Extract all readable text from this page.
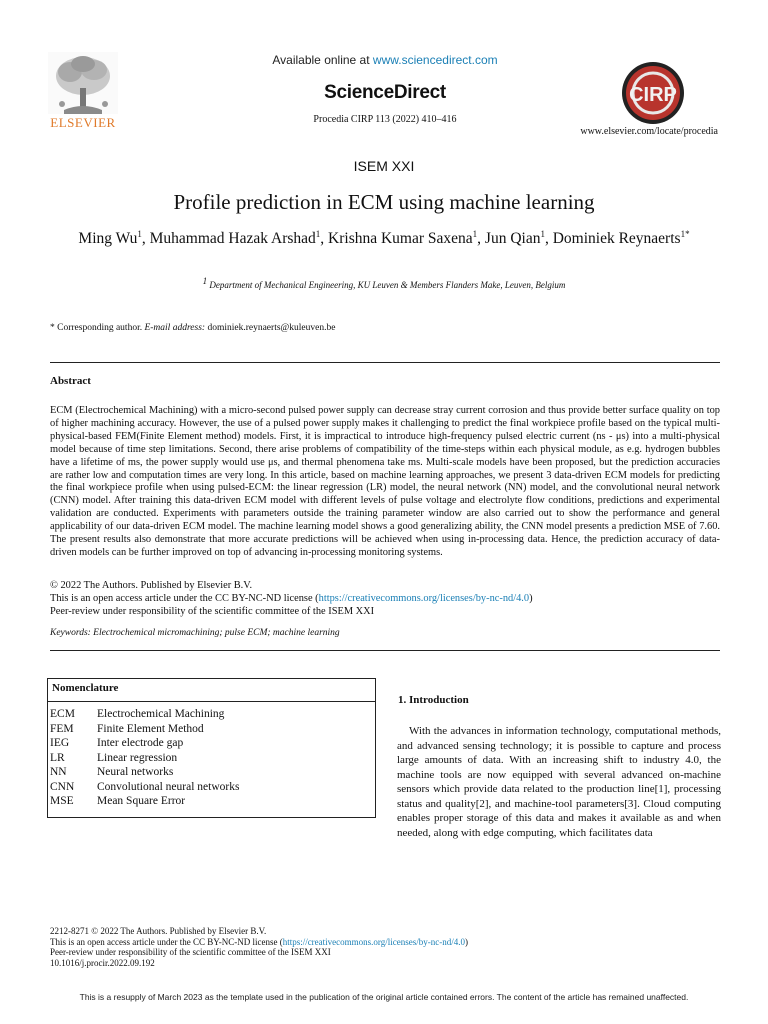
ELSEVIER
Available online at www.sciencedirect.com
ScienceDirect
Procedia CIRP 113 (2022) 410–416
CIRP
www.elsevier.com/locate/procedia
ISEM XXI
Profile prediction in ECM using machine learning
Ming Wu$^1$, Muhammad Hazak Arshad$^1$, Krishna Kumar Saxena$^1$, Jun Qian$^1$, Dominiek Reynaerts$^{1*}$
$^1$ Department of Mechanical Engineering, KU Leuven & Members Flanders Make, Leuven, Belgium
* Corresponding author. E-mail address: dominiek.reynaerts@kuleuven.be
Abstract
ECM (Electrochemical Machining) with a micro-second pulsed power supply can decrease stray current corrosion and thus provide better surface quality on top of higher machining accuracy. However, the use of a pulsed power supply makes it challenging to predict the final workpiece profile based on the typical multi-physical-based FEM(Finite Element method) models. First, it is impractical to introduce high-frequency pulsed electric current (ns - μs) into a multi-physical model because of time step limitations. Second, there arise problems of compatibility of the time-steps within each physical module, as e.g. hydrogen bubbles have a lifetime of ms, the power supply would use μs, and thermal phenomena take ms. Multi-scale models have been proposed, but the prediction accuracies are rather low and computation times are very long. In this article, based on machine learning approaches, we present 3 data-driven ECM models for predicting the final workpiece profile when using pulsed-ECM: the linear regression (LR) model, the neural network (NN) model, and the convolutional neural network (CNN) model. After training this data-driven ECM model with different levels of pulse voltage and electrolyte flow conditions, predictions and experimental validation are conducted. Experiments with parameters outside the training parameter window are also carried out to show the performance and general applicability of our data-driven ECM model. The machine learning model shows a good generalizing ability, the CNN model presents a prediction MSE of 7.60. The present results also demonstrate that more accurate predictions will be achieved when using in-processing data. Hence, the prediction accuracy of data-driven models can be further improved on top of advancing in-processing monitoring systems.
© 2022 The Authors. Published by Elsevier B.V.
This is an open access article under the CC BY-NC-ND license (https://creativecommons.org/licenses/by-nc-nd/4.0)
Peer-review under responsibility of the scientific committee of the ISEM XXI
Keywords: Electrochemical micromachining; pulse ECM; machine learning
Nomenclature
ECM Electrochemical Machining
FEM Finite Element Method
IEG Inter electrode gap
LR	Linear regression
NN	Neural networks
CNN Convolutional neural networks
MSE Mean Square Error
1. Introduction
With the advances in information technology, computational methods, and advanced sensing technology; it is possible to capture and process large amounts of data. With an increasing shift to industry 4.0, the machine tools are now equipped with several advanced on-machine sensors which provide data related to the production line[1], processing status and quality[2], and machine-tool parameters[3]. Cloud computing enables proper storage of this data and makes it available as and when needed, along with edge computing, which facilitates data
2212-8271 © 2022 The Authors. Published by Elsevier B.V.
This is an open access article under the CC BY-NC-ND license (https://creativecommons.org/licenses/by-nc-nd/4.0)
Peer-review under responsibility of the scientific committee of the ISEM XXI
10.1016/j.procir.2022.09.192
This is a resupply of March 2023 as the template used in the publication of the original article contained errors. The content of the article has remained unaffected.
